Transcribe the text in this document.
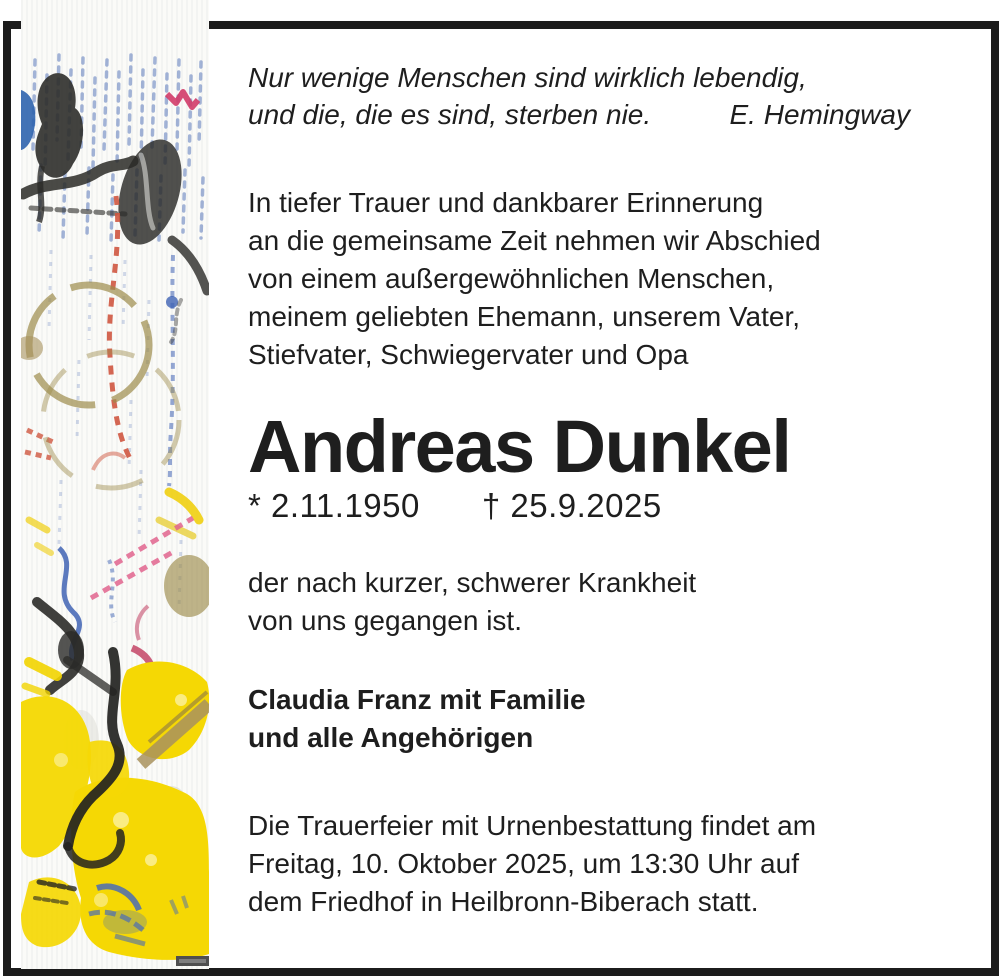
Nur wenige Menschen sind wirklich lebendig,
und die, die es sind, sterben nie.	E. Hemingway
In tiefer Trauer und dankbarer Erinnerung
an die gemeinsame Zeit nehmen wir Abschied
von einem außergewöhnlichen Menschen,
meinem geliebten Ehemann, unserem Vater,
Stiefvater, Schwiegervater und Opa
Andreas Dunkel
* 2.11.1950 † 25.9.2025
der nach kurzer, schwerer Krankheit
von uns gegangen ist.
Claudia Franz mit Familie
und alle Angehörigen
Die Trauerfeier mit Urnenbestattung findet am
Freitag, 10. Oktober 2025, um 13:30 Uhr auf
dem Friedhof in Heilbronn-Biberach statt.
